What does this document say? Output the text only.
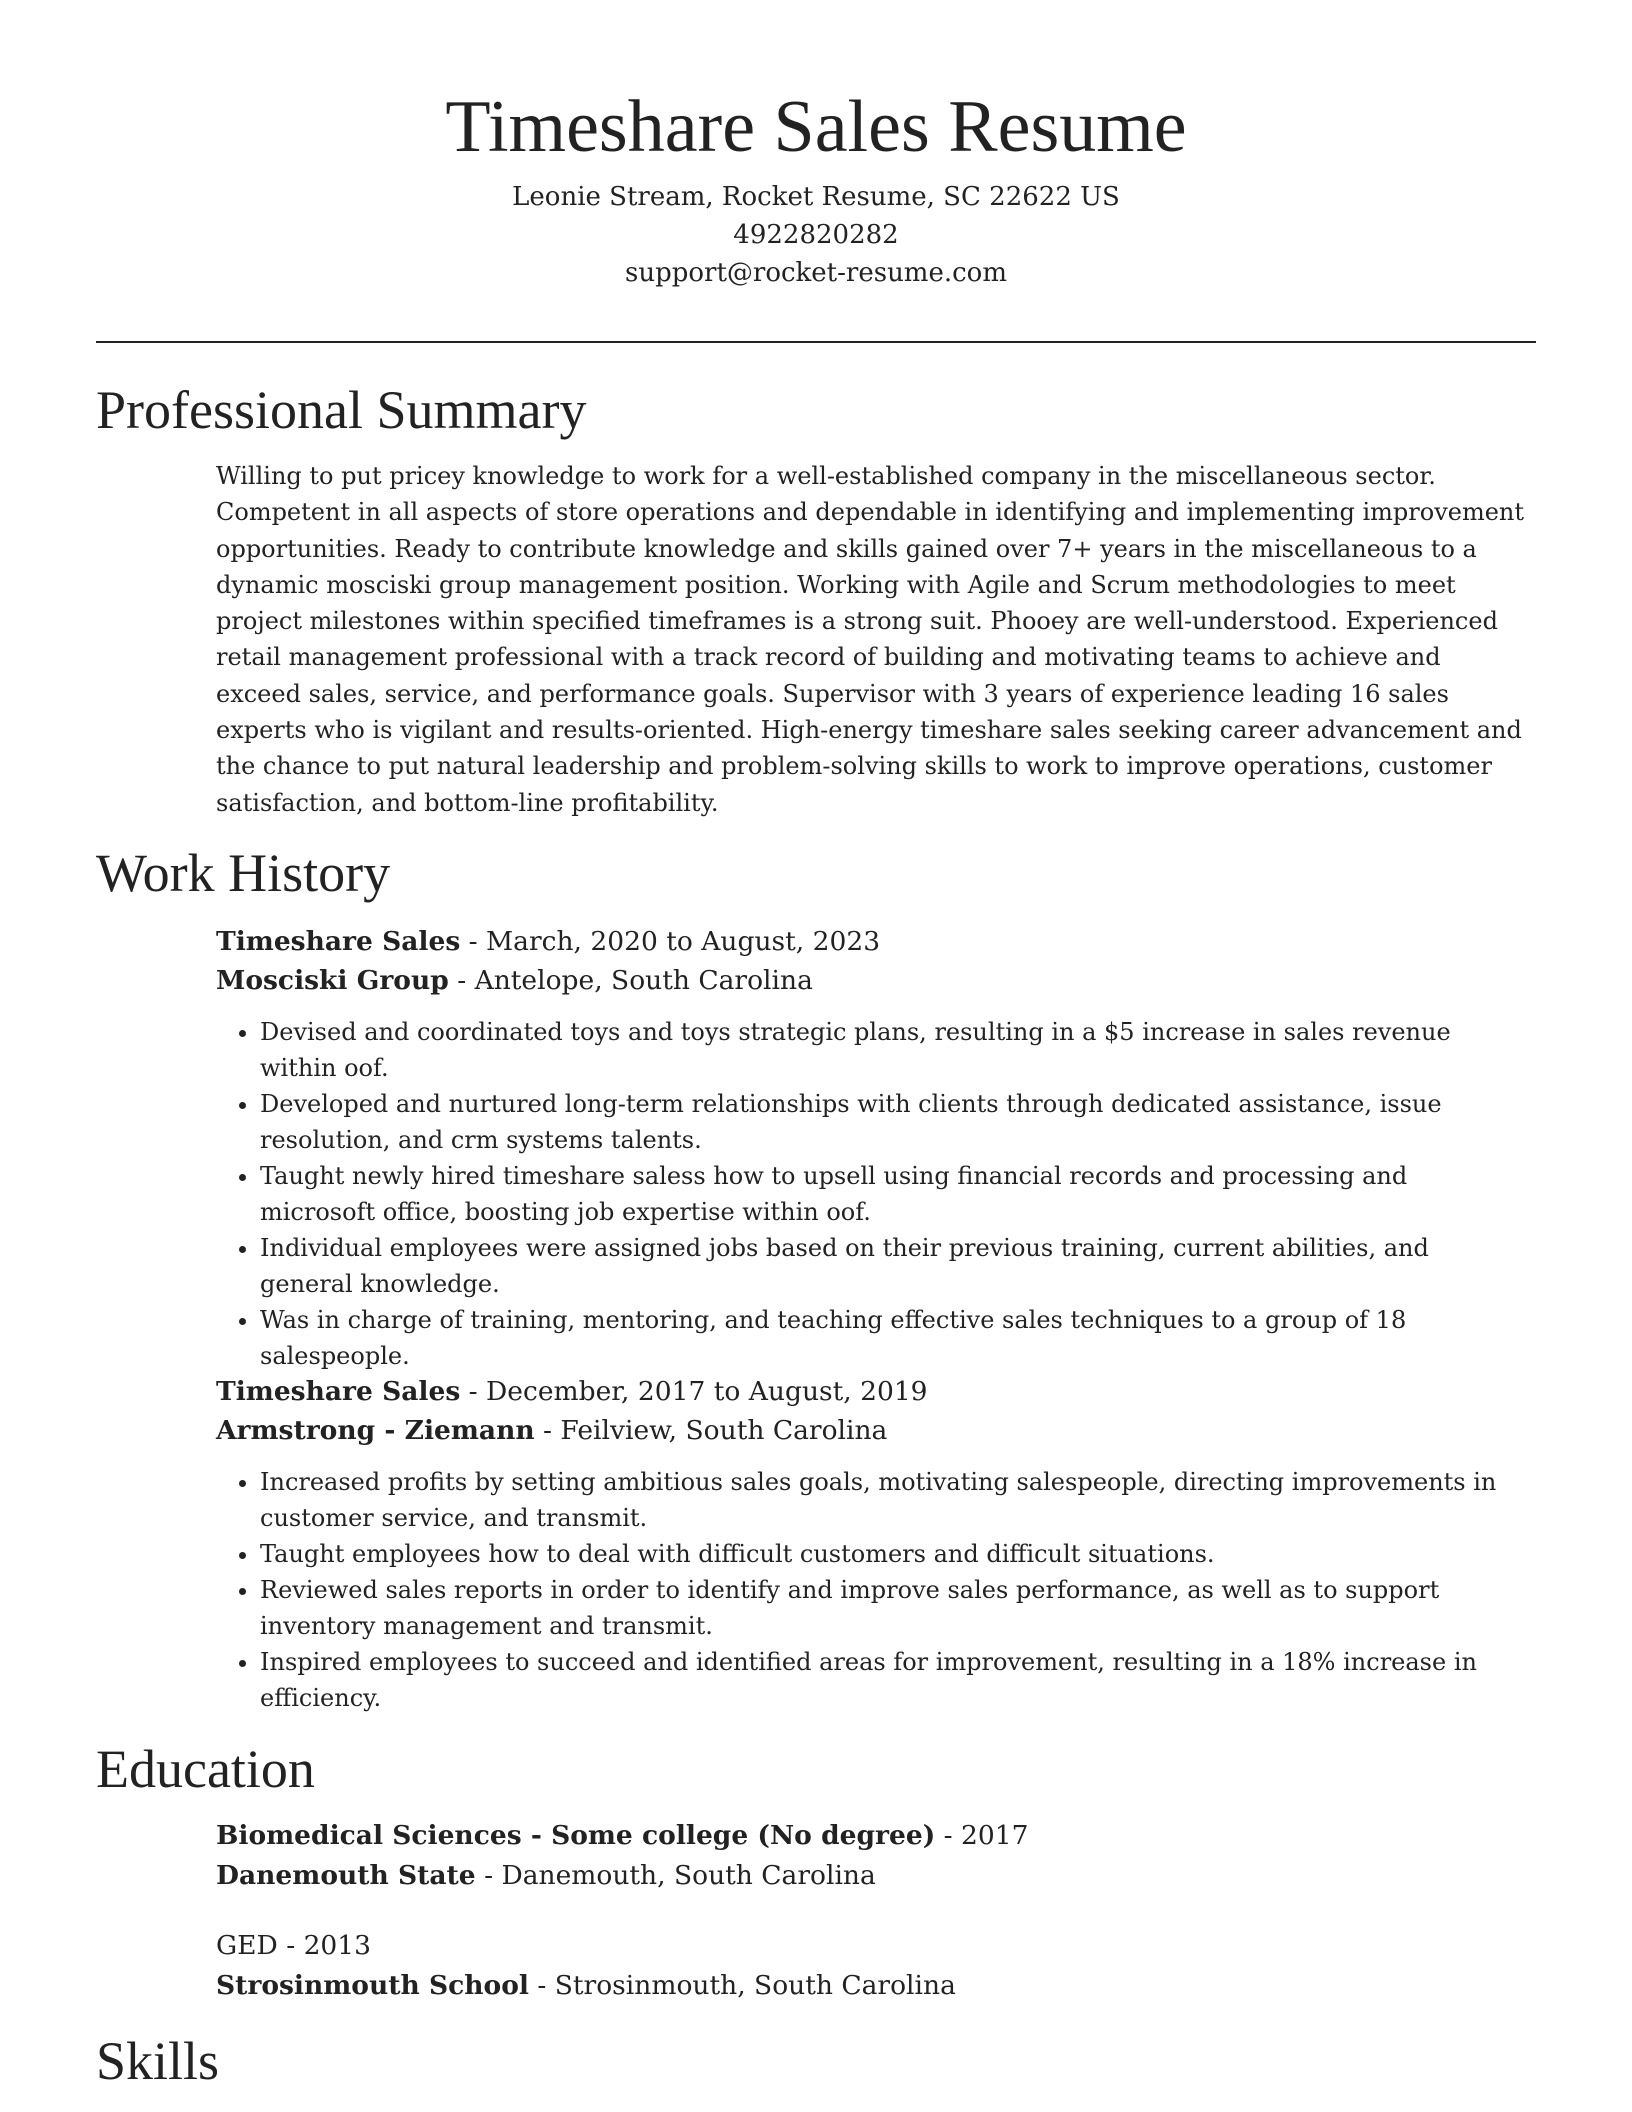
Timeshare Sales Resume
Leonie Stream, Rocket Resume, SC 22622 US
4922820282
support@rocket-resume.com
Professional Summary
Willing to put pricey knowledge to work for a well-established company in the miscellaneous sector. Competent in all aspects of store operations and dependable in identifying and implementing improvement opportunities. Ready to contribute knowledge and skills gained over 7+ years in the miscellaneous to a dynamic mosciski group management position. Working with Agile and Scrum methodologies to meet project milestones within specified timeframes is a strong suit. Phooey are well-understood. Experienced retail management professional with a track record of building and motivating teams to achieve and exceed sales, service, and performance goals. Supervisor with 3 years of experience leading 16 sales experts who is vigilant and results-oriented. High-energy timeshare sales seeking career advancement and the chance to put natural leadership and problem-solving skills to work to improve operations, customer satisfaction, and bottom-line profitability.
Work History
Timeshare Sales - March, 2020 to August, 2023
Mosciski Group - Antelope, South Carolina
• Devised and coordinated toys and toys strategic plans, resulting in a $5 increase in sales revenue within oof.
• Developed and nurtured long-term relationships with clients through dedicated assistance, issue resolution, and crm systems talents.
• Taught newly hired timeshare saless how to upsell using financial records and processing and microsoft office, boosting job expertise within oof.
• Individual employees were assigned jobs based on their previous training, current abilities, and general knowledge.
• Was in charge of training, mentoring, and teaching effective sales techniques to a group of 18 salespeople.
Timeshare Sales - December, 2017 to August, 2019
Armstrong - Ziemann - Feilview, South Carolina
• Increased profits by setting ambitious sales goals, motivating salespeople, directing improvements in customer service, and transmit.
• Taught employees how to deal with difficult customers and difficult situations.
• Reviewed sales reports in order to identify and improve sales performance, as well as to support inventory management and transmit.
• Inspired employees to succeed and identified areas for improvement, resulting in a 18% increase in efficiency.
Education
Biomedical Sciences - Some college (No degree) - 2017
Danemouth State - Danemouth, South Carolina
GED - 2013
Strosinmouth School - Strosinmouth, South Carolina
Skills
